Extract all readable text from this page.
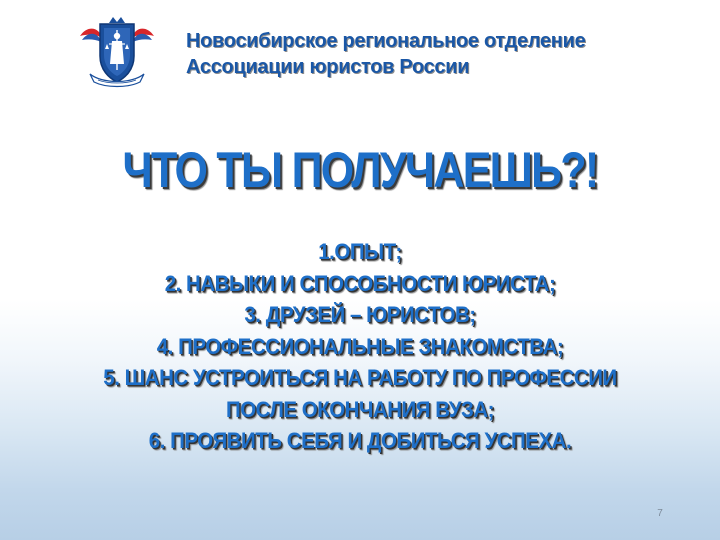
Новосибирское региональное отделение
Ассоциации юристов России
ЧТО ТЫ ПОЛУЧАЕШЬ?!
1.ОПЫТ;
2. НАВЫКИ И СПОСОБНОСТИ ЮРИСТА;
3. ДРУЗЕЙ – ЮРИСТОВ;
4. ПРОФЕССИОНАЛЬНЫЕ ЗНАКОМСТВА;
5. ШАНС УСТРОИТЬСЯ НА РАБОТУ ПО ПРОФЕССИИ
ПОСЛЕ ОКОНЧАНИЯ ВУЗА;
6. ПРОЯВИТЬ СЕБЯ И ДОБИТЬСЯ УСПЕХА.
7
